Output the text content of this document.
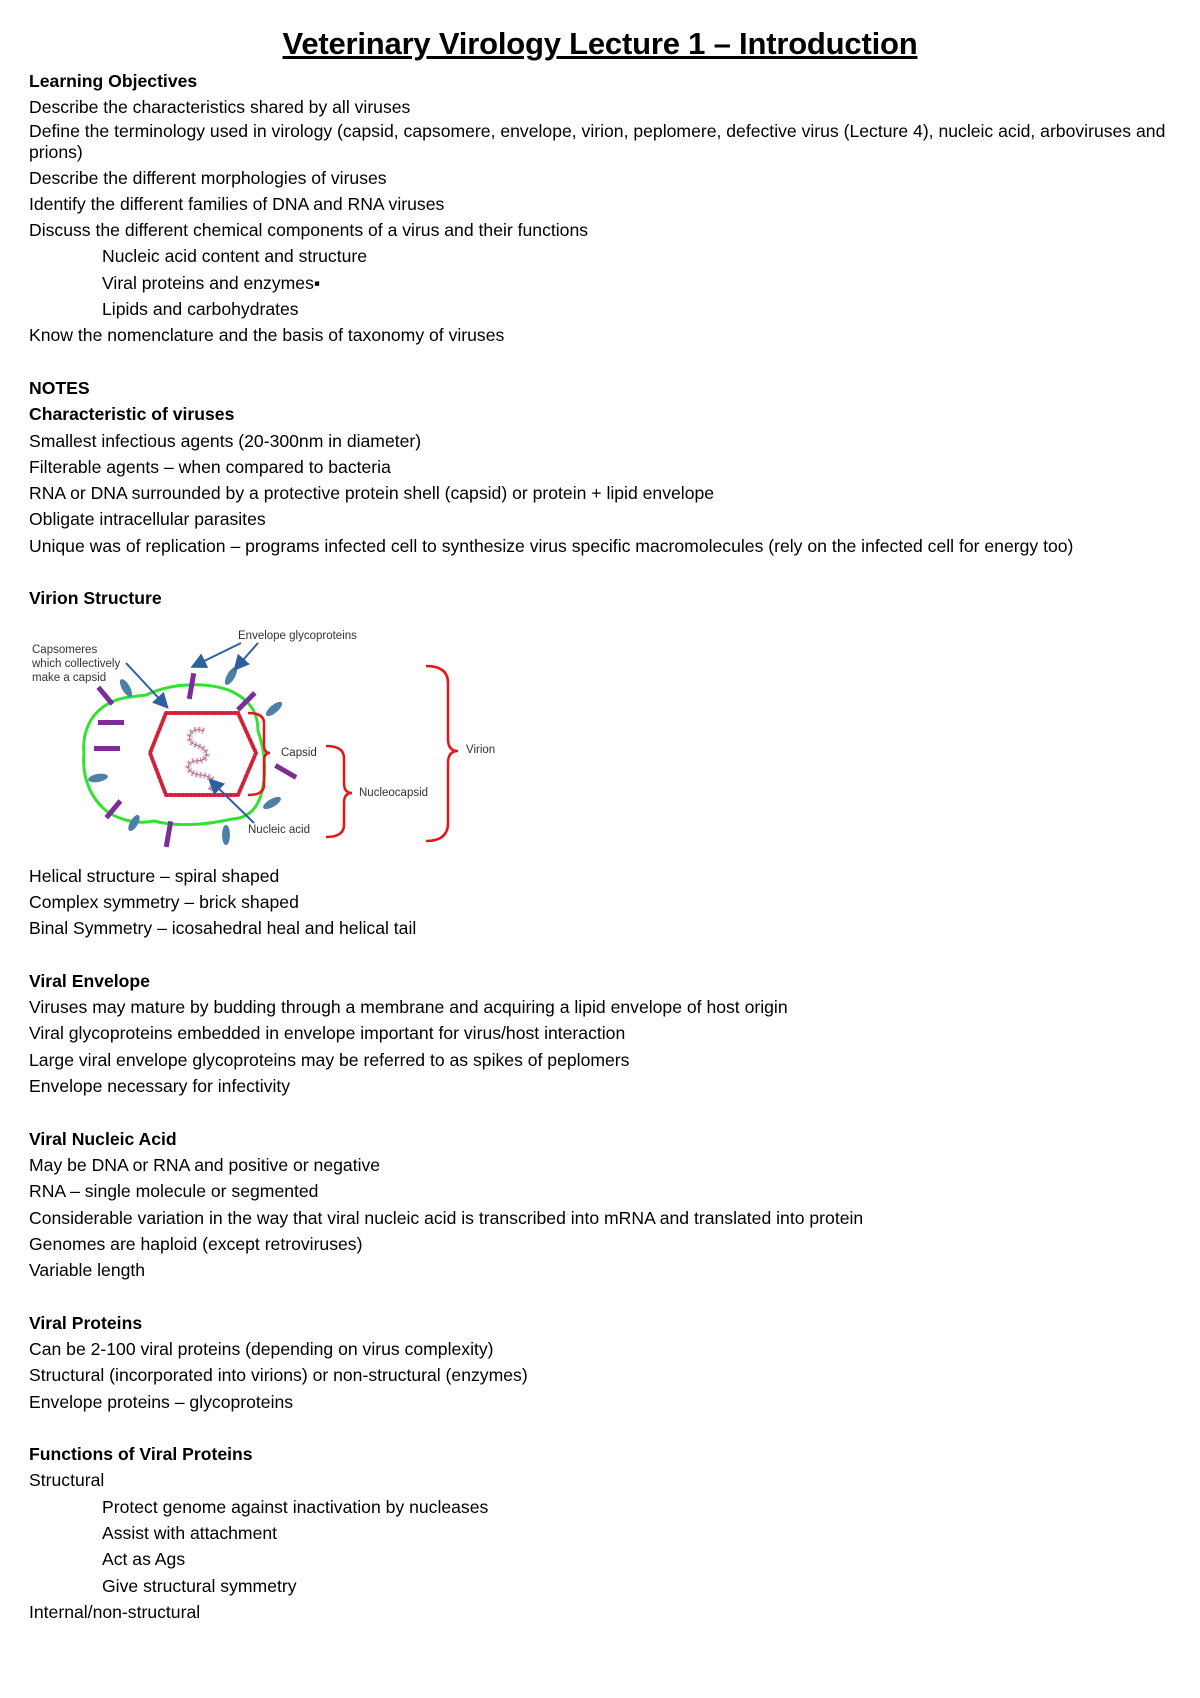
Veterinary Virology Lecture 1 – Introduction
Learning Objectives
Describe the characteristics shared by all viruses
Define the terminology used in virology (capsid, capsomere, envelope, virion, peplomere, defective virus (Lecture 4), nucleic acid, arboviruses and prions)
Describe the different morphologies of viruses
Identify the different families of DNA and RNA viruses
Discuss the different chemical components of a virus and their functions
Nucleic acid content and structure
Viral proteins and enzymes▪
Lipids and carbohydrates
Know the nomenclature and the basis of taxonomy of viruses
NOTES
Characteristic of viruses
Smallest infectious agents (20-300nm in diameter)
Filterable agents – when compared to bacteria
RNA or DNA surrounded by a protective protein shell (capsid) or protein + lipid envelope
Obligate intracellular parasites
Unique was of replication – programs infected cell to synthesize virus specific macromolecules (rely on the infected cell for energy too)
Virion Structure
Envelope glycoproteins
Capsomeres
which collectively
make a capsid
Capsid
Nucleocapsid
Virion
Nucleic acid
Helical structure – spiral shaped
Complex symmetry – brick shaped
Binal Symmetry – icosahedral heal and helical tail
Viral Envelope
Viruses may mature by budding through a membrane and acquiring a lipid envelope of host origin
Viral glycoproteins embedded in envelope important for virus/host interaction
Large viral envelope glycoproteins may be referred to as spikes of peplomers
Envelope necessary for infectivity
Viral Nucleic Acid
May be DNA or RNA and positive or negative
RNA – single molecule or segmented
Considerable variation in the way that viral nucleic acid is transcribed into mRNA and translated into protein
Genomes are haploid (except retroviruses)
Variable length
Viral Proteins
Can be 2-100 viral proteins (depending on virus complexity)
Structural (incorporated into virions) or non-structural (enzymes)
Envelope proteins – glycoproteins
Functions of Viral Proteins
Structural
Protect genome against inactivation by nucleases
Assist with attachment
Act as Ags
Give structural symmetry
Internal/non-structural
